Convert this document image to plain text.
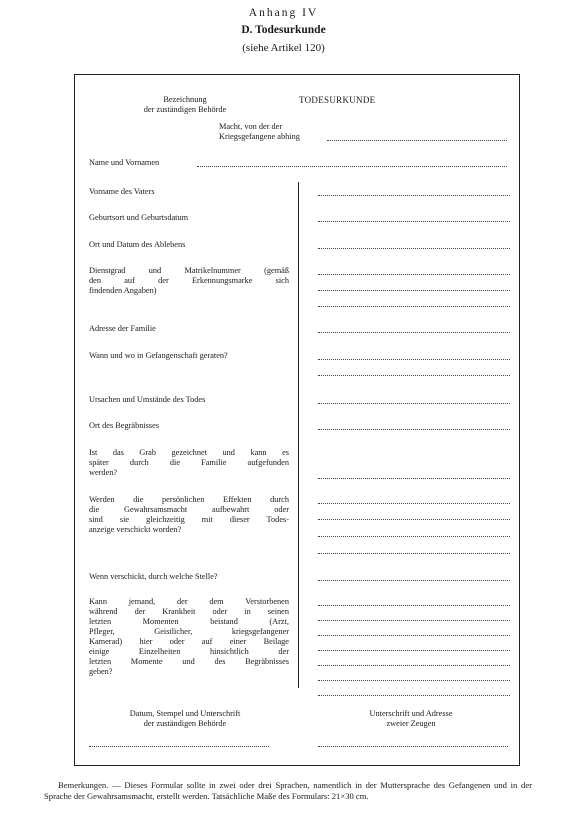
Anhang IV
D. Todesurkunde
(siehe Artikel 120)
Bezeichnung
der zuständigen Behörde
TODESURKUNDE
Macht, von der der
Kriegsgefangene abhing
Name und Vornamen
Vorname des Vaters
Geburtsort und Geburtsdatum
Ort und Datum des Ablebens
Dienstgrad und Matrikelnummer (gemäß
den auf der Erkennungsmarke sich
findenden Angaben)
Adresse der Familie
Wann und wo in Gefangenschaft geraten?
Ursachen und Umstände des Todes
Ort des Begräbnisses
Ist das Grab gezeichnet und kann es
später durch die Familie aufgefunden
werden?
Werden die persönlichen Effekten durch
die Gewahrsamsmacht aufbewahrt oder
sind sie gleichzeitig mit dieser Todes-
anzeige verschickt worden?
Wenn verschickt, durch welche Stelle?
Kann jemand, der dem Verstorbenen
während der Krankheit oder in seinen
letzten Momenten beistand (Arzt,
Pfleger, Geistlicher, kriegsgefangener
Kamerad) hier oder auf einer Beilage
einige Einzelheiten hinsichtlich der
letzten Momente und des Begräbnisses
geben?
Datum, Stempel und Unterschrift
der zuständigen Behörde
Unterschrift und Adresse
zweier Zeugen
Bemerkungen. — Dieses Formular sollte in zwei oder drei Sprachen, namentlich in der Muttersprache des Gefangenen und in der Sprache der Gewahrsamsmacht, erstellt werden. Tatsächliche Maße des Formulars: 21×30 cm.
